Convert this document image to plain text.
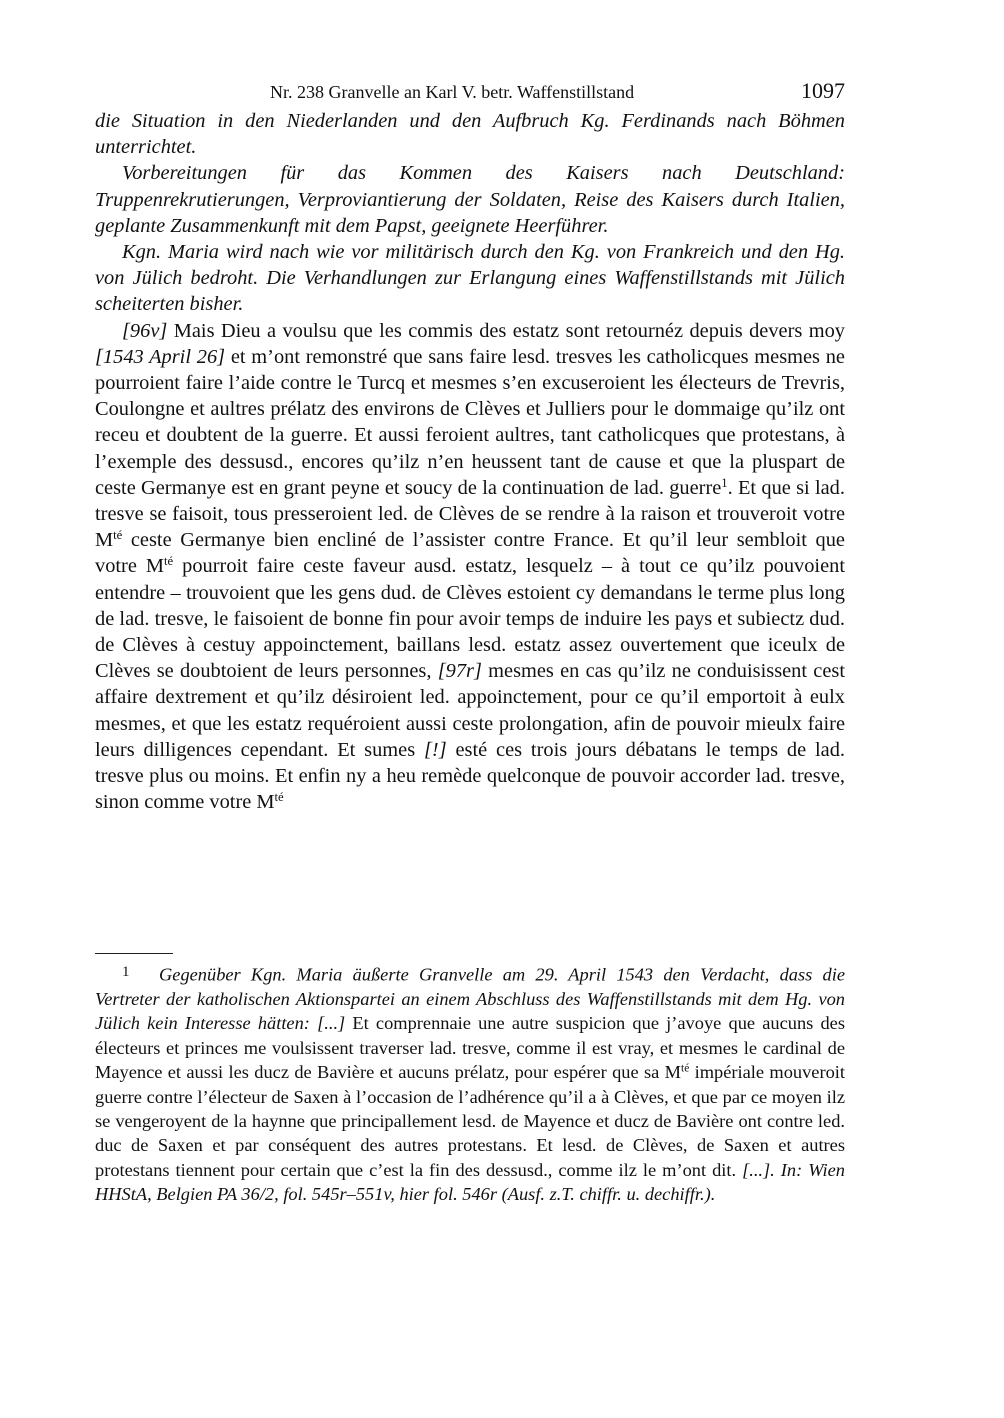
Nr. 238 Granvelle an Karl V. betr. Waffenstillstand	1097

die Situation in den Niederlanden und den Aufbruch Kg. Ferdinands nach Böhmen unterrichtet.

Vorbereitungen für das Kommen des Kaisers nach Deutschland: Truppenrekrutierungen, Verproviantierung der Soldaten, Reise des Kaisers durch Italien, geplante Zusammenkunft mit dem Papst, geeignete Heerführer.

Kgn. Maria wird nach wie vor militärisch durch den Kg. von Frankreich und den Hg. von Jülich bedroht. Die Verhandlungen zur Erlangung eines Waffenstillstands mit Jülich scheiterten bisher.

[96v] Mais Dieu a voulsu que les commis des estatz sont retournéz depuis devers moy [1543 April 26] et m’ont remonstré que sans faire lesd. tresves les catholicques mesmes ne pourroient faire l’aide contre le Turcq et mesmes s’en excuseroient les électeurs de Trevris, Coulongne et aultres prélatz des environs de Clèves et Julliers pour le dommaige qu’ilz ont receu et doubtent de la guerre. Et aussi feroient aultres, tant catholicques que protestans, à l’exemple des dessusd., encores qu’ilz n’en heussent tant de cause et que la pluspart de ceste Germanye est en grant peyne et soucy de la continuation de lad. guerre$^1$. Et que si lad. tresve se faisoit, tous presseroient led. de Clèves de se rendre à la raison et trouveroit votre $M^{té}$ ceste Germanye bien encliné de l’assister contre France. Et qu’il leur sembloit que votre $M^{té}$ pourroit faire ceste faveur ausd. estatz, lesquelz – à tout ce qu’ilz pouvoient entendre – trouvoient que les gens dud. de Clèves estoient cy demandans le terme plus long de lad. tresve, le faisoient de bonne fin pour avoir temps de induire les pays et subiectz dud. de Clèves à cestuy appoinctement, baillans lesd. estatz assez ouvertement que iceulx de Clèves se doubtoient de leurs personnes, [97r] mesmes en cas qu’ilz ne conduisissent cest affaire dextrement et qu’ilz désiroient led. appoinctement, pour ce qu’il emportoit à eulx mesmes, et que les estatz requéroient aussi ceste prolongation, afin de pouvoir mieulx faire leurs dilligences cependant. Et sumes [!] esté ces trois jours débatans le temps de lad. tresve plus ou moins. Et enfin ny a heu remède quelconque de pouvoir accorder lad. tresve, sinon comme votre $M^{té}$

1 Gegenüber Kgn. Maria äußerte Granvelle am 29. April 1543 den Verdacht, dass die Vertreter der katholischen Aktionspartei an einem Abschluss des Waffenstillstands mit dem Hg. von Jülich kein Interesse hätten: [...] Et comprennaie une autre suspicion que j’avoye que aucuns des électeurs et princes me voulsissent traverser lad. tresve, comme il est vray, et mesmes le cardinal de Mayence et aussi les ducz de Bavière et aucuns prélatz, pour espérer que sa $M^{té}$ impériale mouveroit guerre contre l’électeur de Saxen à l’occasion de l’adhérence qu’il a à Clèves, et que par ce moyen ilz se vengeroyent de la haynne que principallement lesd. de Mayence et ducz de Bavière ont contre led. duc de Saxen et par conséquent des autres protestans. Et lesd. de Clèves, de Saxen et autres protestans tiennent pour certain que c’est la fin des dessusd., comme ilz le m’ont dit. [...]. In: Wien HHStA, Belgien PA 36/2, fol. 545r–551v, hier fol. 546r (Ausf. z.T. chiffr. u. dechiffr.).
